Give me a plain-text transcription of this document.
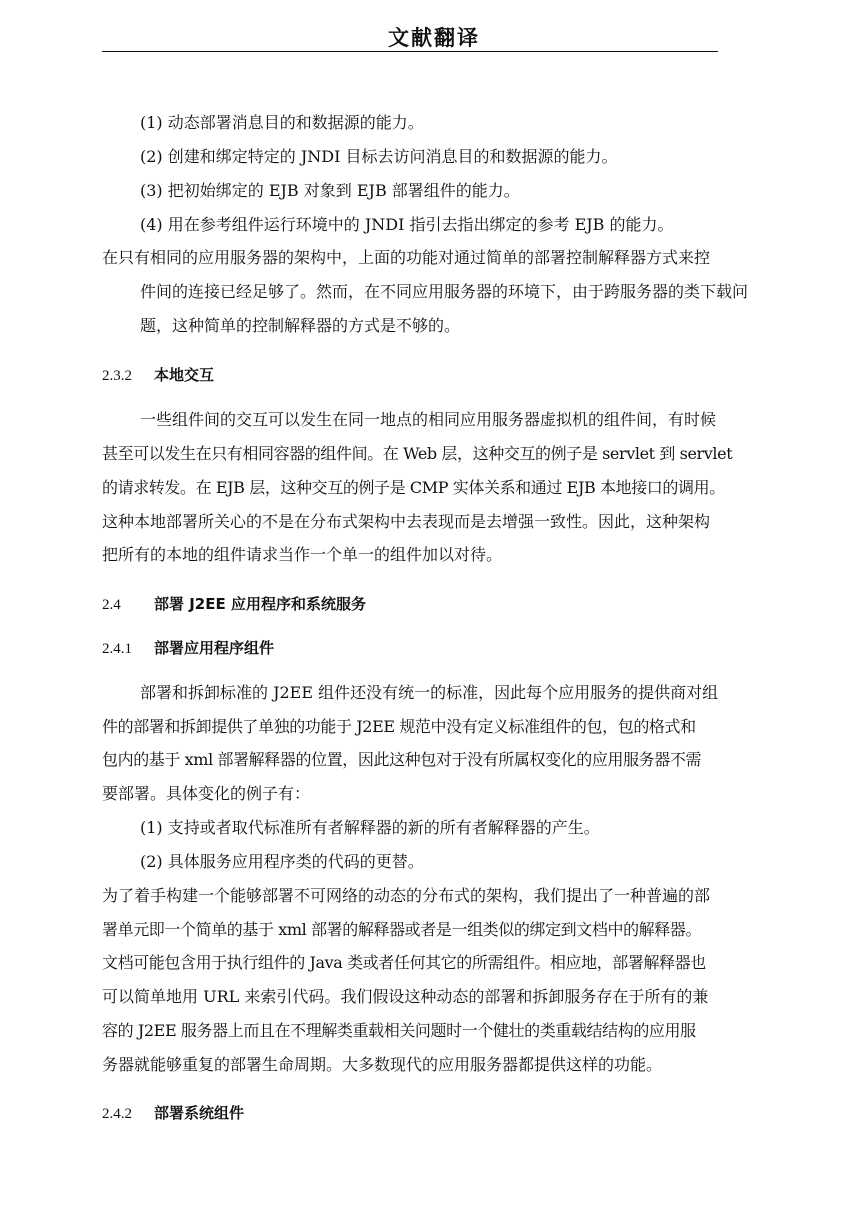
文献翻译
(1) 动态部署消息目的和数据源的能力。
(2) 创建和绑定特定的 JNDI 目标去访问消息目的和数据源的能力。
(3) 把初始绑定的 EJB 对象到 EJB 部署组件的能力。
(4) 用在参考组件运行环境中的 JNDI 指引去指出绑定的参考 EJB 的能力。
在只有相同的应用服务器的架构中，上面的功能对通过简单的部署控制解释器方式来控
件间的连接已经足够了。然而，在不同应用服务器的环境下，由于跨服务器的类下载问
题，这种简单的控制解释器的方式是不够的。
2.3.2 本地交互
一些组件间的交互可以发生在同一地点的相同应用服务器虚拟机的组件间，有时候
甚至可以发生在只有相同容器的组件间。在 Web 层，这种交互的例子是 servlet 到 servlet
的请求转发。在 EJB 层，这种交互的例子是 CMP 实体关系和通过 EJB 本地接口的调用。
这种本地部署所关心的不是在分布式架构中去表现而是去增强一致性。因此，这种架构
把所有的本地的组件请求当作一个单一的组件加以对待。
2.4 部署 J2EE 应用程序和系统服务
2.4.1 部署应用程序组件
部署和拆卸标准的 J2EE 组件还没有统一的标准，因此每个应用服务的提供商对组
件的部署和拆卸提供了单独的功能于 J2EE 规范中没有定义标准组件的包，包的格式和
包内的基于 xml 部署解释器的位置，因此这种包对于没有所属权变化的应用服务器不需
要部署。具体变化的例子有：
(1) 支持或者取代标准所有者解释器的新的所有者解释器的产生。
(2) 具体服务应用程序类的代码的更替。
为了着手构建一个能够部署不可网络的动态的分布式的架构，我们提出了一种普遍的部
署单元即一个简单的基于 xml 部署的解释器或者是一组类似的绑定到文档中的解释器。
文档可能包含用于执行组件的 Java 类或者任何其它的所需组件。相应地，部署解释器也
可以简单地用 URL 来索引代码。我们假设这种动态的部署和拆卸服务存在于所有的兼
容的 J2EE 服务器上而且在不理解类重载相关问题时一个健壮的类重载结结构的应用服
务器就能够重复的部署生命周期。大多数现代的应用服务器都提供这样的功能。
2.4.2 部署系统组件
